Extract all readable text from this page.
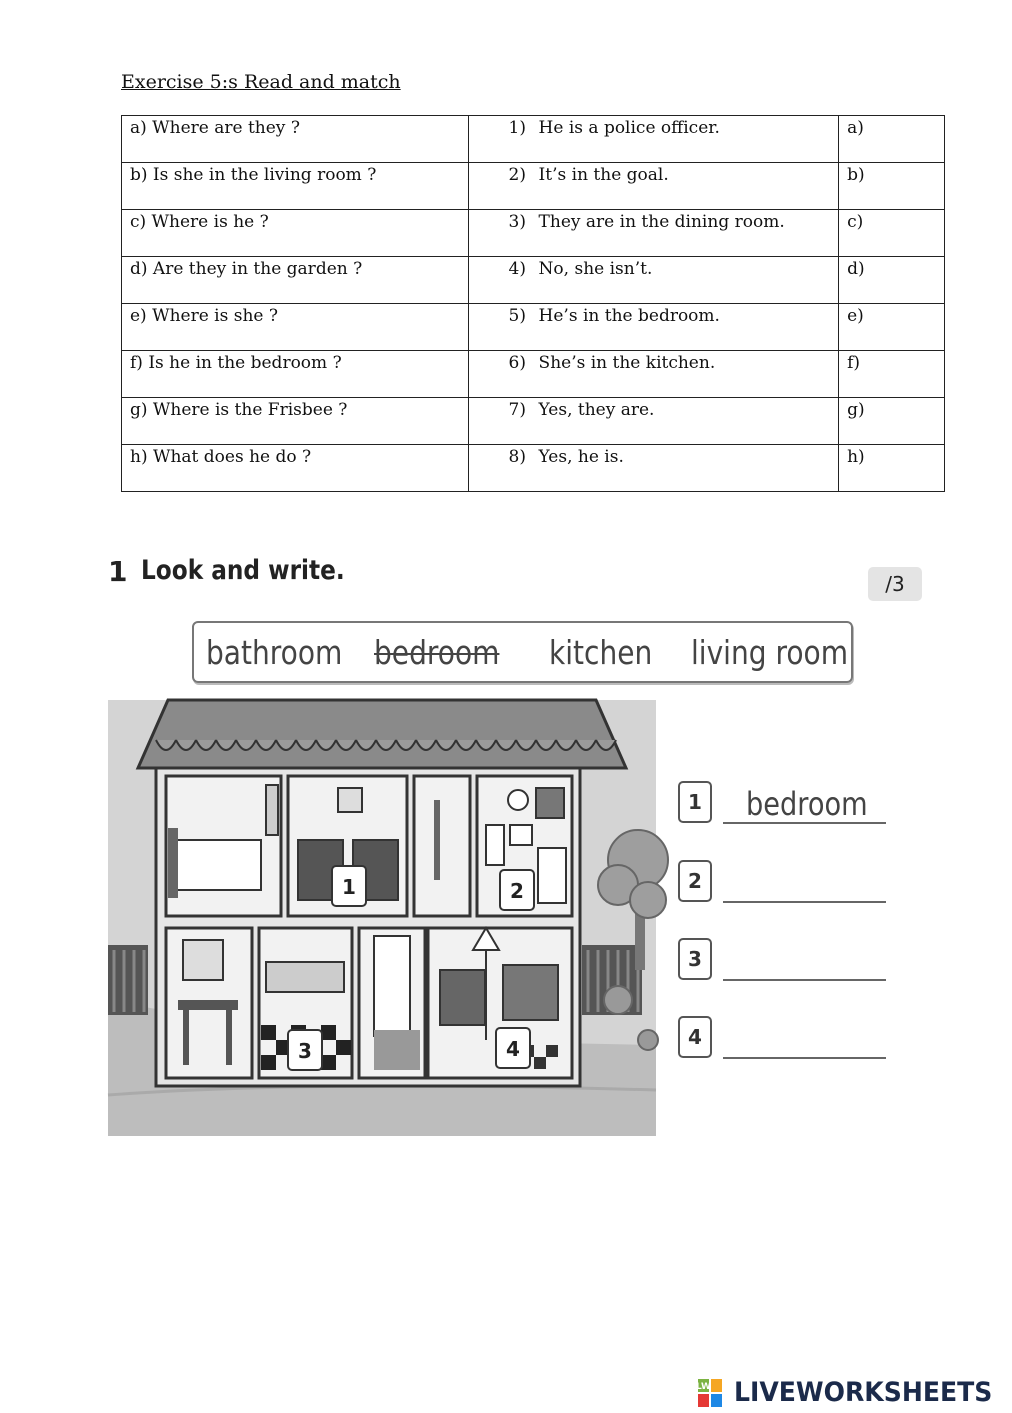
Exercise 5:s Read and match
a) Where are they ?	1) He is a police officer.	a)
b) Is she in the living room ?	2) It’s in the goal.	b)
c) Where is he ?	3) They are in the dining room.	c)
d) Are they in the garden ?	4) No, she isn’t.	d)
e) Where is she ?	5) He’s in the bedroom.	e)
f) Is he in the bedroom ?	6) She’s in the kitchen.	f)
g) Where is the Frisbee ?	7) Yes, they are.	g)
h) What does he do ?	8) Yes, he is.	h)
1 Look and write.	/3
bathroom bedroom kitchen living room
1	2
3	4
1	bedroom
2
3
4
LW LIVEWORKSHEETS
